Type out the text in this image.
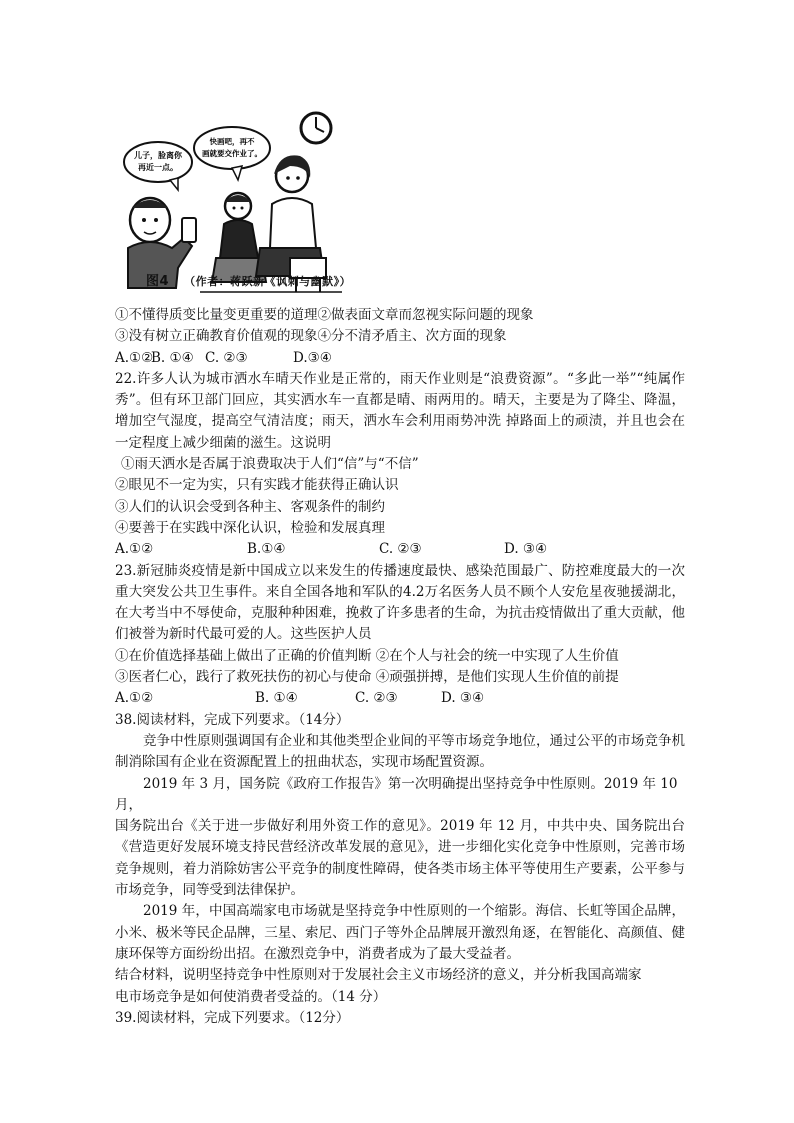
儿子，脸离你
再近一点。
快画吧，再不
画就要交作业了。
图4 （作者：蒋跃新《讽刺与幽默》）
①不懂得质变比量变更重要的道理②做表面文章而忽视实际问题的现象
③没有树立正确教育价值观的现象④分不清矛盾主、次方面的现象
A.①②
B. ①④ C. ②③	D.③④
22.许多人认为城市洒水车晴天作业是正常的，雨天作业则是“浪费资源”。“多此一举”“纯属作秀”。但有环卫部门回应，其实洒水车一直都是晴、雨两用的。晴天，主要是为了降尘、降温，增加空气湿度，提高空气清洁度；雨天，洒水车会利用雨势冲洗 掉路面上的顽渍，并且也会在一定程度上减少细菌的滋生。这说明
①雨天洒水是否属于浪费取决于人们“信”与“不信”
②眼见不一定为实，只有实践才能获得正确认识
③人们的认识会受到各种主、客观条件的制约
④要善于在实践中深化认识，检验和发展真理
A.①②	B.①④	C. ②③	D. ③④
23.新冠肺炎疫情是新中国成立以来发生的传播速度最快、感染范围最广、防控难度最大的一次重大突发公共卫生事件。来自全国各地和军队的4.2万名医务人员不顾个人安危星夜驰援湖北，在大考当中不辱使命，克服种种困难，挽救了许多患者的生命，为抗击疫情做出了重大贡献，他们被誉为新时代最可爱的人。这些医护人员
①在价值选择基础上做出了正确的价值判断 ②在个人与社会的统一中实现了人生价值
③医者仁心，践行了救死扶伤的初心与使命 ④顽强拼搏，是他们实现人生价值的前提
A.①②	B. ①④	C. ②③	D. ③④
38.阅读材料，完成下列要求。（14分）
竞争中性原则强调国有企业和其他类型企业间的平等市场竞争地位，通过公平的市场竞争机制消除国有企业在资源配置上的扭曲状态，实现市场配置资源。
2019 年 3 月，国务院《政府工作报告》第一次明确提出坚持竞争中性原则。2019 年 10
月，
国务院出台《关于进一步做好利用外资工作的意见》。2019 年 12 月，中共中央、国务院出台《营造更好发展环境支持民营经济改革发展的意见》，进一步细化实化竞争中性原则，完善市场竞争规则，着力消除妨害公平竞争的制度性障碍，使各类市场主体平等使用生产要素，公平参与市场竞争，同等受到法律保护。
2019 年，中国高端家电市场就是坚持竞争中性原则的一个缩影。海信、长虹等国企品牌，小米、极米等民企品牌，三星、索尼、西门子等外企品牌展开激烈角逐，在智能化、高颜值、健康环保等方面纷纷出招。在激烈竞争中，消费者成为了最大受益者。
结合材料，说明坚持竞争中性原则对于发展社会主义市场经济的意义，并分析我国高端家
电市场竞争是如何使消费者受益的。（14 分）
39.阅读材料，完成下列要求。（12分）
